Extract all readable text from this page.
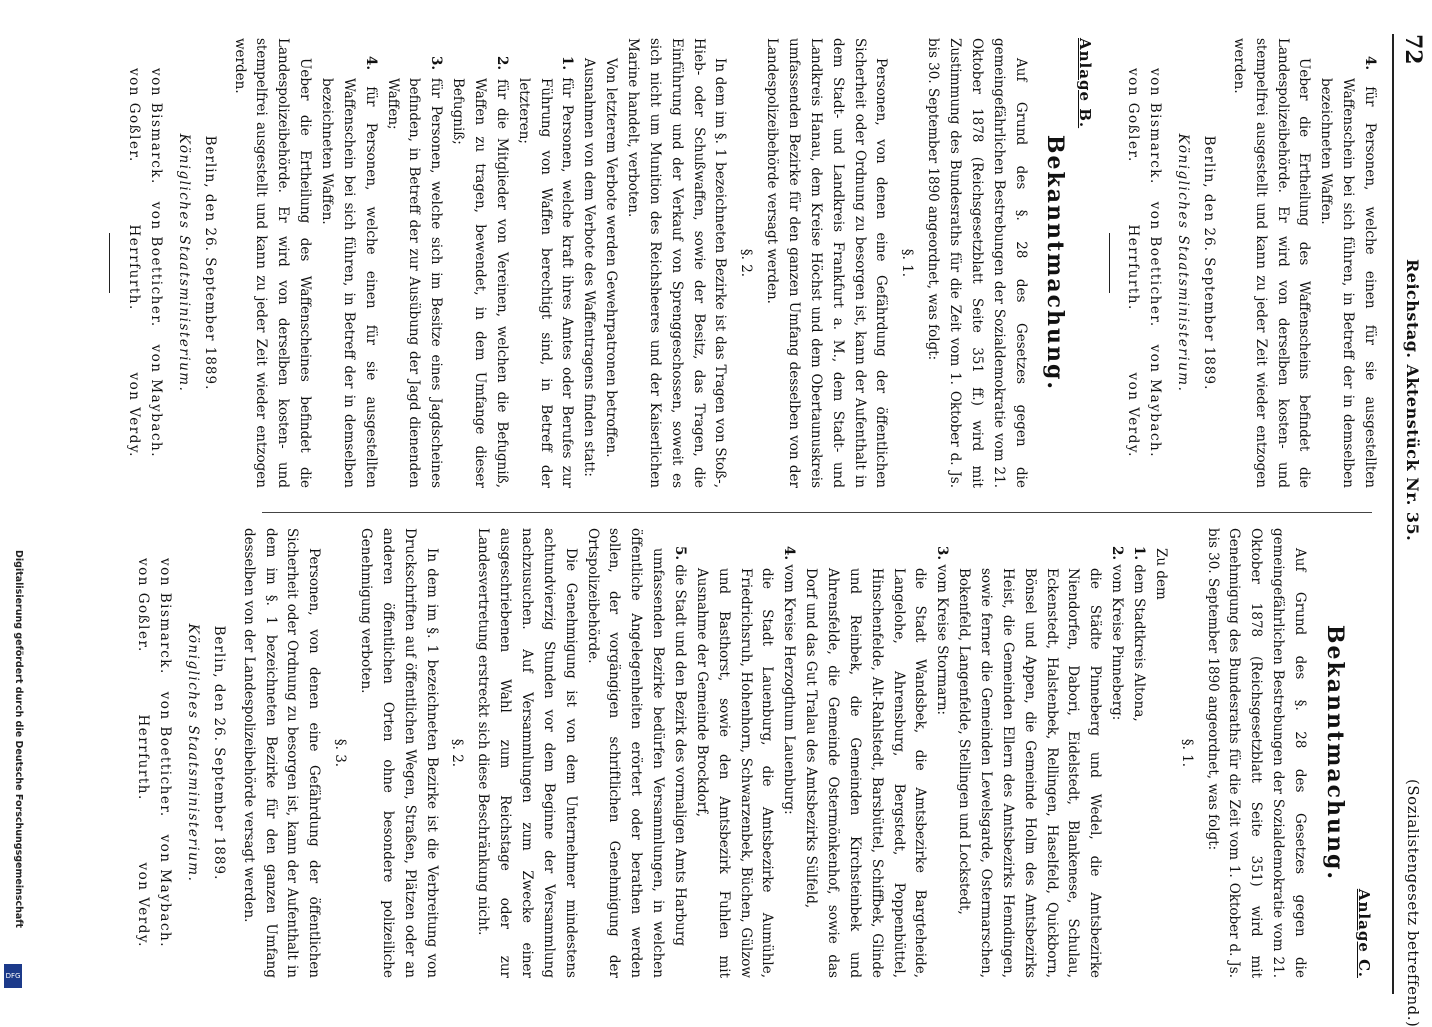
72
Reichstag. Aktenstück Nr. 35.
(Sozialistengesetz betreffend.)

4. für Personen, welche einen für sie ausgestellten Waffenschein bei sich führen, in Betreff der in demselben bezeichneten Waffen.

Ueber die Ertheilung des Waffenscheins befindet die Landespolizeibehörde. Er wird von derselben kosten- und stempelfrei ausgestellt und kann zu jeder Zeit wieder entzogen werden.

Berlin, den 26. September 1889.

Königliches Staatsministerium.

von Bismarck.
von Boetticher.
von Maybach.

von Goßler.
Herrfurth.
von Verdy.

Anlage B.

Bekanntmachung.

Auf Grund des §. 28 des Gesetzes gegen die gemeingefährlichen Bestrebungen der Sozialdemokratie vom 21. Oktober 1878 (Reichsgesetzblatt Seite 351 ff.) wird mit Zustimmung des Bundesraths für die Zeit vom 1. Oktober d. Js. bis 30. September 1890 angeordnet, was folgt:

§. 1.

Personen, von denen eine Gefährdung der öffentlichen Sicherheit oder Ordnung zu besorgen ist, kann der Aufenthalt in dem Stadt- und Landkreis Frankfurt a. M., dem Stadt- und Landkreis Hanau, dem Kreise Höchst und dem Obertaunuskreis umfassenden Bezirke für den ganzen Umfang desselben von der Landespolizeibehörde versagt werden.

§. 2.

In dem im §. 1 bezeichneten Bezirke ist das Tragen von Stoß-, Hieb- oder Schußwaffen, sowie der Besitz, das Tragen, die Einführung und der Verkauf von Sprenggeschossen, soweit es sich nicht um Munition des Reichsheeres und der Kaiserlichen Marine handelt, verboten.

Von letzterem Verbote werden Gewehrpatronen betroffen.

Ausnahmen von dem Verbote des Waffentragens finden statt:

1. für Personen, welche kraft ihres Amtes oder Berufes zur Führung von Waffen berechtigt sind, in Betreff der letzteren;

2. für die Mitglieder von Vereinen, welchen die Befugniß, Waffen zu tragen, bewendet, in dem Umfange dieser Befugniß;

3. für Personen, welche sich im Besitze eines Jagdscheines befinden, in Betreff der zur Ausübung der Jagd dienenden Waffen;

4. für Personen, welche einen für sie ausgestellten Waffenschein bei sich führen, in Betreff der in demselben bezeichneten Waffen.

Ueber die Ertheilung des Waffenscheines befindet die Landespolizeibehörde. Er wird von derselben kosten- und stempelfrei ausgestellt und kann zu jeder Zeit wieder entzogen werden.

Berlin, den 26. September 1889.

Königliches Staatsministerium.

von Bismarck.
von Boetticher.
von Maybach.

von Goßler.
Herrfurth.
von Verdy.

Anlage C.

Bekanntmachung.

Auf Grund des §. 28 des Gesetzes gegen die gemeingefährlichen Bestrebungen der Sozialdemokratie vom 21. Oktober 1878 (Reichsgesetzblatt Seite 351) wird mit Genehmigung des Bundesraths für die Zeit vom 1. Oktober d. Js. bis 30. September 1890 angeordnet, was folgt:

§. 1.

Zu dem

1. dem Stadtkreis Altona,

2. vom Kreise Pinneberg:

die Städte Pinneberg und Wedel, die Amtsbezirke Niendorfen, Dabori, Eidelstedt, Blankenese, Schulau, Eckenstedt, Halstenbek, Rellingen, Haselfeld, Quickborn, Bönsel und Appen, die Gemeinde Holm des Amtsbezirks Heist, die Gemeinden Ellern des Amtsbezirks Hemdingen, sowie ferner die Gemeinden Lewelsgarde, Ostermarschen, Bokenfeld, Langenfelde, Stellingen und Lockstedt,

3. vom Kreise Stormarn:

die Stadt Wandsbek, die Amtsbezirke Bargteheide, Langelohe, Ahrensburg, Bergstedt, Poppenbüttel, Hinschenfelde, Alt-Rahlstedt, Barsbüttel, Schiffbek, Glinde und Reinbek, die Gemeinden Kirchsteinbek und Ahrensfelde, die Gemeinde Ostermönkenhof, sowie das Dorf und das Gut Tralau des Amtsbezirks Sülfeld,

4. vom Kreise Herzogthum Lauenburg:

die Stadt Lauenburg, die Amtsbezirke Aumühle, Friedrichsruh, Hohenhorn, Schwarzenbek, Büchen, Gülzow und Basthorst, sowie den Amtsbezirk Fuhlen mit Ausnahme der Gemeinde Brockdorf,

5. die Stadt und den Bezirk des vormaligen Amts Harburg

umfassenden Bezirke bedürfen Versammlungen, in welchen öffentliche Angelegenheiten erörtert oder berathen werden sollen, der vorgängigen schriftlichen Genehmigung der Ortspolizeibehörde.

Die Genehmigung ist von dem Unternehmer mindestens achtundvierzig Stunden vor dem Beginne der Versammlung nachzusuchen. Auf Versammlungen zum Zwecke einer ausgeschriebenen Wahl zum Reichstage oder zur Landesvertretung erstreckt sich diese Beschränkung nicht.

§. 2.

In dem im §. 1 bezeichneten Bezirke ist die Verbreitung von Druckschriften auf öffentlichen Wegen, Straßen, Plätzen oder an anderen öffentlichen Orten ohne besondere polizeiliche Genehmigung verboten.

§. 3.

Personen, von denen eine Gefährdung der öffentlichen Sicherheit oder Ordnung zu besorgen ist, kann der Aufenthalt in dem im §. 1 bezeichneten Bezirke für den ganzen Umfang desselben von der Landespolizeibehörde versagt werden.

Berlin, den 26. September 1889.

Königliches Staatsministerium.

von Bismarck.
von Boetticher.
von Maybach.

von Goßler.
Herrfurth.
von Verdy.

Digitalisierung gefördert durch die Deutsche Forschungsgemeinschaft
DFG
